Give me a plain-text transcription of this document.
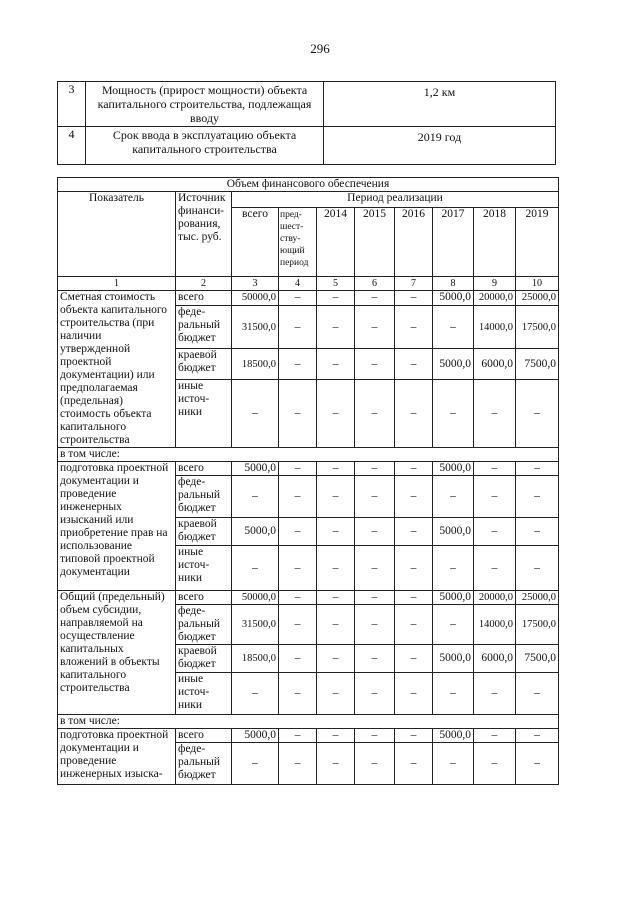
296
3	Мощность (прирост мощности) объекта капитального строительства, подлежащая вводу	1,2 км
4	Срок ввода в эксплуатацию объекта капитального строительства	2019 год
Объем финансового обеспечения									
Показатель	Источник финанси-рования, тыс. руб.	Период реализации							
		всего	пред-шест-ству-ющий период	2014	2015	2016	2017	2018	2019
1	2	3	4	5	6	7	8	9	10
Сметная стоимость объекта капитального строительства (при наличии утвержденной проектной документации) или предполагаемая (предельная) стоимость объекта капитального строительства	всего	50000,0	–	–	–	–	5000,0	20000,0	25000,0
	феде-ральный бюджет	31500,0	–	–	–	–	–	14000,0	17500,0
	краевой бюджет	18500,0	–	–	–	–	5000,0	6000,0	7500,0
	иные источ-ники	–	–	–	–	–	–	–	–
в том числе:									
подготовка проектной документации и проведение инженерных изысканий или приобретение прав на использование типовой проектной документации	всего	5000,0	–	–	–	–	5000,0	–	–
	феде-ральный бюджет	–	–	–	–	–	–	–	–
	краевой бюджет	5000,0	–	–	–	–	5000,0	–	–
	иные источ-ники	–	–	–	–	–	–	–	–
Общий (предельный) объем субсидии, направляемой на осуществление капитальных вложений в объекты капитального строительства	всего	50000,0	–	–	–	–	5000,0	20000,0	25000,0
	феде-ральный бюджет	31500,0	–	–	–	–	–	14000,0	17500,0
	краевой бюджет	18500,0	–	–	–	–	5000,0	6000,0	7500,0
	иные источ-ники	–	–	–	–	–	–	–	–
в том числе:									
подготовка проектной документации и проведение инженерных изыска-	всего	5000,0	–	–	–	–	5000,0	–	–
	феде-ральный бюджет	–	–	–	–	–	–	–	–
